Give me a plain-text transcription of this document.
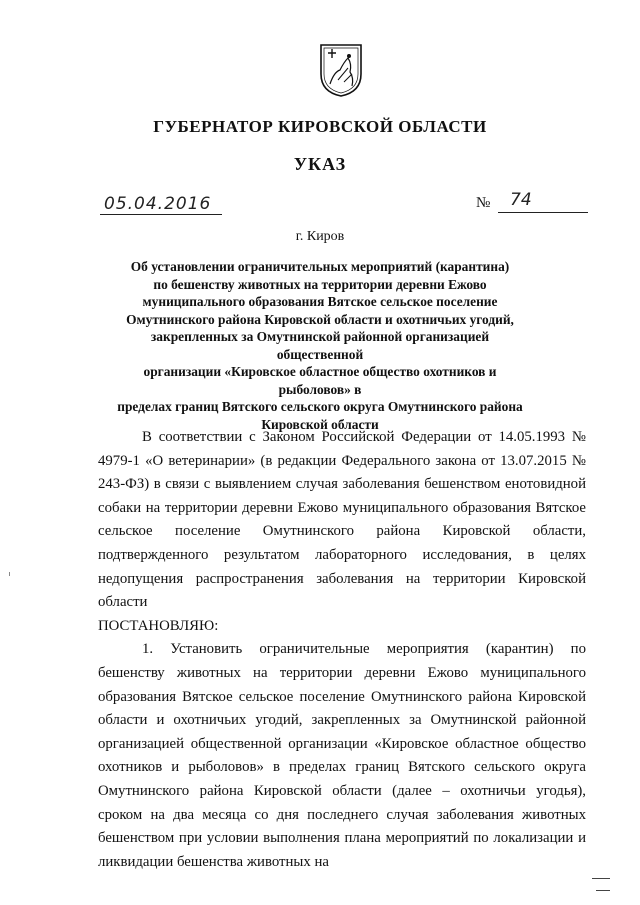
ГУБЕРНАТОР КИРОВСКОЙ ОБЛАСТИ
УКАЗ
05.04.2016	№ 74
г. Киров
Об установлении ограничительных мероприятий (карантина)
по бешенству животных на территории деревни Ежово
муниципального образования Вятское сельское поселение
Омутнинского района Кировской области и охотничьих угодий,
закрепленных за Омутнинской районной организацией общественной
организации «Кировское областное общество охотников и рыболовов» в
пределах границ Вятского сельского округа Омутнинского района
Кировской области

В соответствии с Законом Российской Федерации от 14.05.1993 № 4979-1 «О ветеринарии» (в редакции Федерального закона от 13.07.2015 № 243-ФЗ) в связи с выявлением случая заболевания бешенством енотовидной собаки на территории деревни Ежово муниципального образования Вятское сельское поселение Омутнинского района Кировской области, подтвержденного результатом лабораторного исследования, в целях недопущения распространения заболевания на территории Кировской области

ПОСТАНОВЛЯЮ:

1. Установить ограничительные мероприятия (карантин) по бешенству животных на территории деревни Ежово муниципального образования Вятское сельское поселение Омутнинского района Кировской области и охотничьих угодий, закрепленных за Омутнинской районной организацией общественной организации «Кировское областное общество охотников и рыболовов» в пределах границ Вятского сельского округа Омутнинского района Кировской области (далее – охотничьи угодья), сроком на два месяца со дня последнего случая заболевания животных бешенством при условии выполнения плана мероприятий по локализации и ликвидации бешенства животных на
